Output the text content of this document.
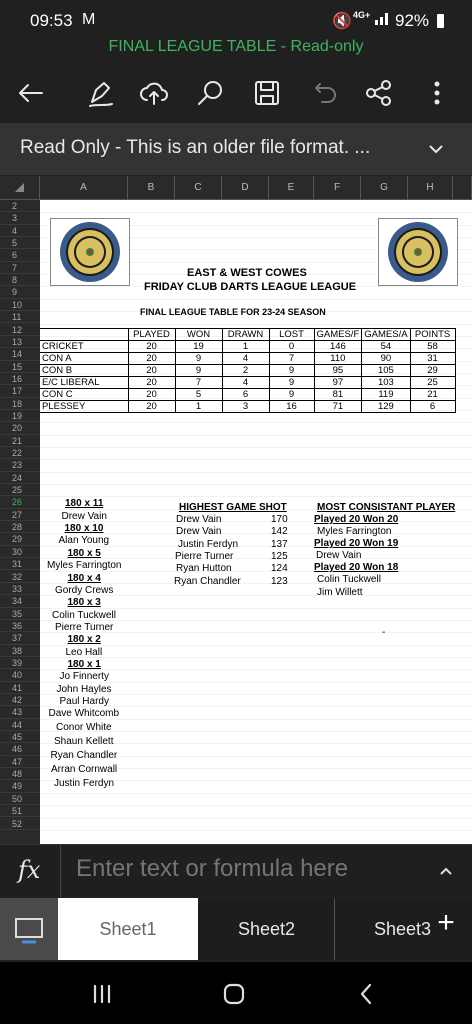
09:53 M	🔇 4G+ 92%
FINAL LEAGUE TABLE - Read-only
Read Only - This is an older file format. ...
A	B	C	D	E	F	G	H
2
3
4
5
6
7
8
9
10
11
12
13
14
15
16
17
18
19
20
21
22
23
24
25
26
27
28
29
30
31
32
33
34
35
36
37
38
39
40
41
42
43
44
45
46
47
48
49
50
51
52
EAST & WEST COWES
FRIDAY CLUB DARTS LEAGUE LEAGUE
FINAL LEAGUE TABLE FOR 23-24 SEASON
	PLAYED	WON	DRAWN	LOST	GAMES/F	GAMES/A	POINTS
CRICKET	20	19	1	0	146	54	58
CON A	20	9	4	7	110	90	31
CON B	20	9	2	9	95	105	29
E/C LIBERAL	20	7	4	9	97	103	25
CON C	20	5	6	9	81	119	21
PLESSEY	20	1	3	16	71	129	6
180 x 11
Drew Vain
180 x 10
Alan Young
180 x 5
Myles Farrington
180 x 4
Gordy Crews
180 x 3
Colin Tuckwell
Pierre Turner
180 x 2
Leo Hall
180 x 1
Jo Finnerty
John Hayles
Paul Hardy
Dave Whitcomb
Conor White
Shaun Kellett
Ryan Chandler
Arran Cornwall
Justin Ferdyn
HIGHEST GAME SHOT
Drew Vain	170
Drew Vain	142
Justin Ferdyn	137
Pierre Turner	125
Ryan Hutton	124
Ryan Chandler	123
MOST CONSISTANT PLAYER
Played 20 Won 20
Myles Farrington
Played 20 Won 19
Drew Vain
Played 20 Won 18
Colin Tuckwell
Jim Willett
-
fx
Enter text or formula here
Sheet1	Sheet2	Sheet3 +
